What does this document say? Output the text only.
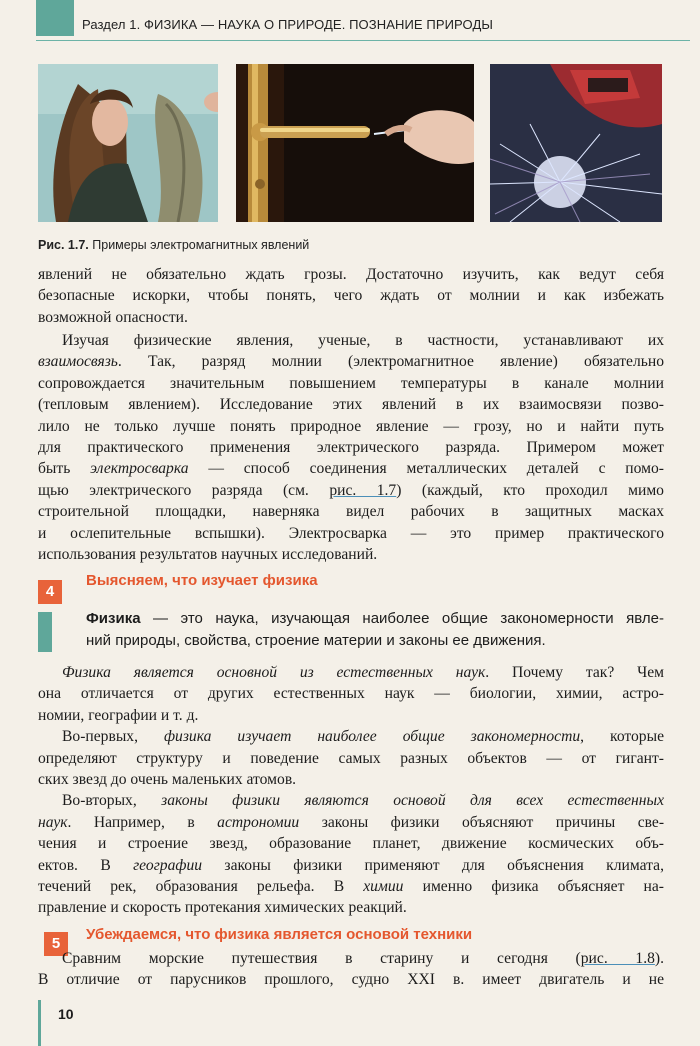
Раздел 1. ФИЗИКА — НАУКА О ПРИРОДЕ. ПОЗНАНИЕ ПРИРОДЫ
Рис. 1.7. Примеры электромагнитных явлений
явлений не обязательно ждать грозы. Достаточно изучить, как ведут себя
безопасные искорки, чтобы понять, чего ждать от молнии и как избежать
возможной опасности.
Изучая физические явления, ученые, в частности, устанавливают их
взаимосвязь. Так, разряд молнии (электромагнитное явление) обязательно
сопровождается значительным повышением температуры в канале молнии
(тепловым явлением). Исследование этих явлений в их взаимосвязи позво-
лило не только лучше понять природное явление — грозу, но и найти путь
для практического применения электрического разряда. Примером может
быть электросварка — способ соединения металлических деталей с помо-
щью электрического разряда (см. рис. 1.7) (каждый, кто проходил мимо
строительной площадки, наверняка видел рабочих в защитных масках
и ослепительные вспышки). Электросварка — это пример практического
использования результатов научных исследований.
4
Выясняем, что изучает физика
Физика — это наука, изучающая наиболее общие закономерности явле-
ний природы, свойства, строение материи и законы ее движения.
Физика является основной из естественных наук. Почему так? Чем
она отличается от других естественных наук — биологии, химии, астро-
номии, географии и т. д.
Во-первых, физика изучает наиболее общие закономерности, которые
определяют структуру и поведение самых разных объектов — от гигант-
ских звезд до очень маленьких атомов.
Во-вторых, законы физики являются основой для всех естественных
наук. Например, в астрономии законы физики объясняют причины све-
чения и строение звезд, образование планет, движение космических объ-
ектов. В географии законы физики применяют для объяснения климата,
течений рек, образования рельефа. В химии именно физика объясняет на-
правление и скорость протекания химических реакций.
5
Убеждаемся, что физика является основой техники
Сравним морские путешествия в старину и сегодня (рис. 1.8).
В отличие от парусников прошлого, судно XXI в. имеет двигатель и не
10
